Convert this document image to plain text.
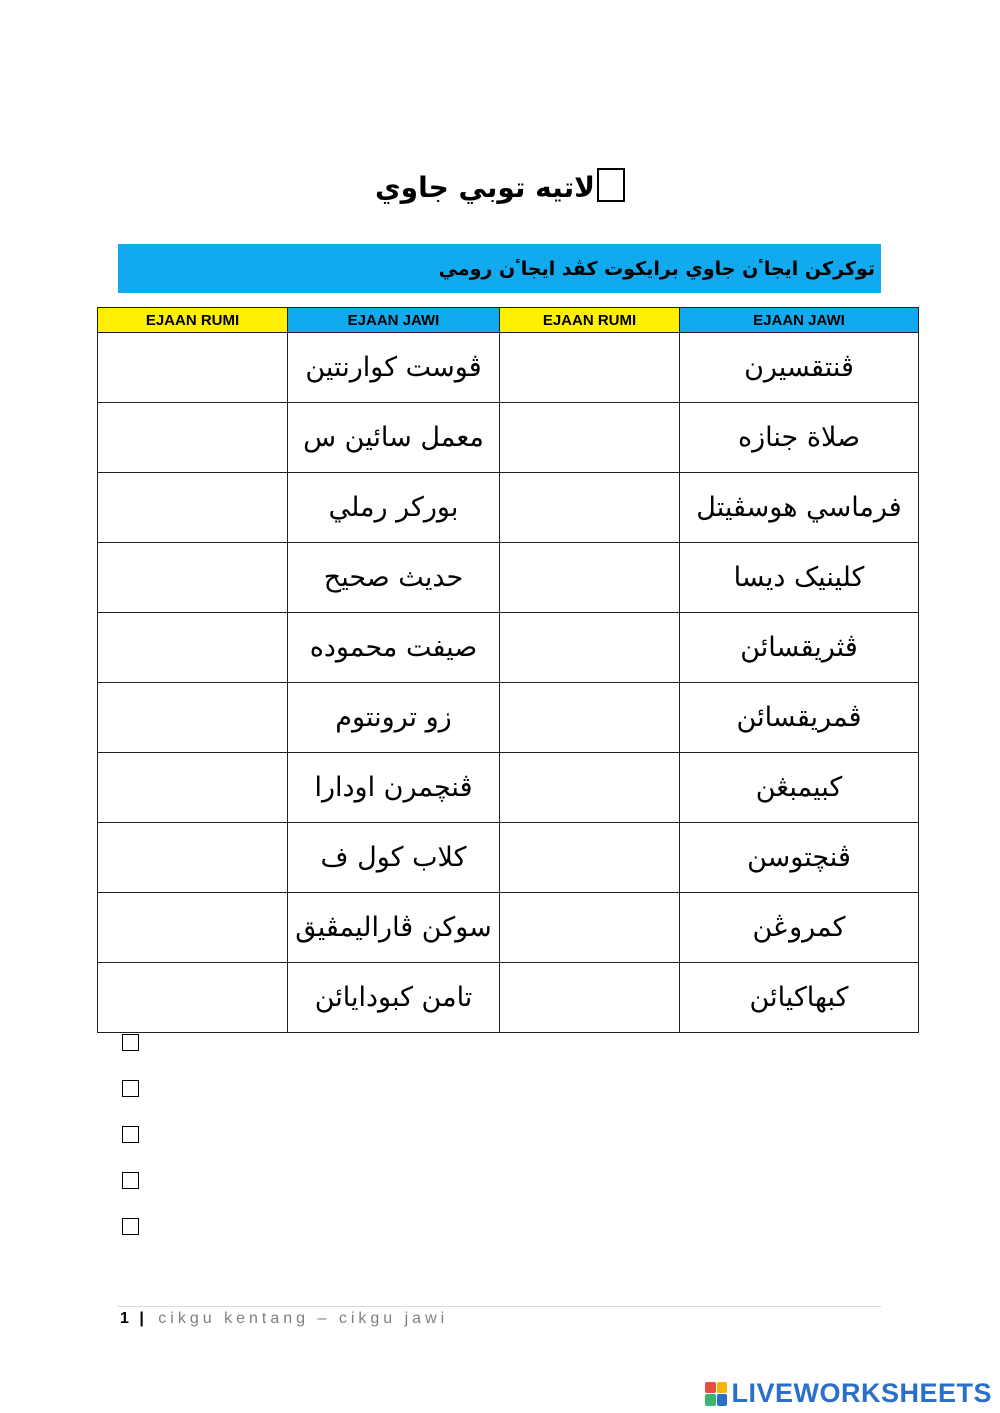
لاتيه توبي جاوي
توكركن ايجاٴن جاوي برايكوت كڤد ايجاٴن رومي
EJAAN RUMI	EJAAN JAWI	EJAAN RUMI	EJAAN JAWI
	ڤوست كوارنتين		ڤنتقسيرن
	معمل سائين س		صلاة جنازه
	بوركر رملي		فرماسي هوسڤيتل
	حديث صحيح		كلينيک ديسا
	صيفت محموده		ڤثريقسائن
	زو ترونتوم		ڤمريقسائن
	ڤنچمرن اودارا		كبيمبڠن
	كلاب كول ف		ڤنچتوسن
	سوكن ڤاراليمڤيق		كمروڠن
	تامن كبودايائن		كبهاكيائن
1 | cikgu kentang – cikgu jawi
LIVEWORKSHEETS
